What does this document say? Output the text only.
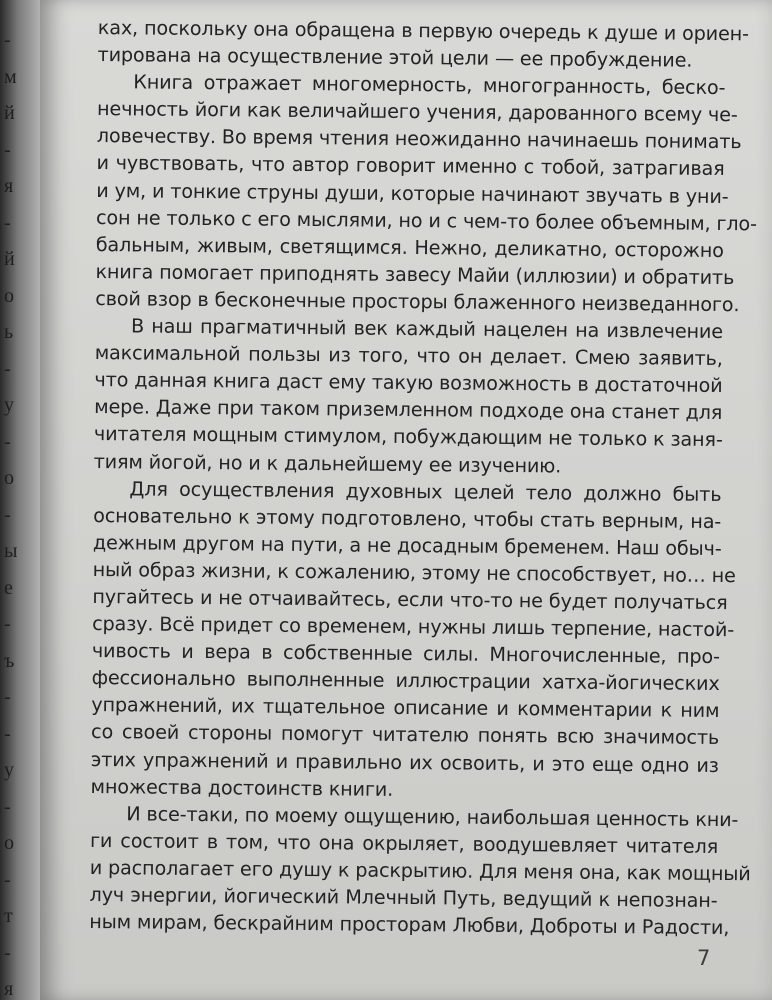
-
м
й
-
я
-
й
о
ь
-
у
-
о
-
ы
е
-
ъ
-
-
у
-
о
-
т
-
я
ках, поскольку она обращена в первую очередь к душе и ориен-
тирована на осуществление этой цели — ее пробуждение.
Книга отражает многомерность, многогранность, беско-
нечность йоги как величайшего учения, дарованного всему че-
ловечеству. Во время чтения неожиданно начинаешь понимать
и чувствовать, что автор говорит именно с тобой, затрагивая
и ум, и тонкие струны души, которые начинают звучать в уни-
сон не только с его мыслями, но и с чем-то более объемным, гло-
бальным, живым, светящимся. Нежно, деликатно, осторожно
книга помогает приподнять завесу Майи (иллюзии) и обратить
свой взор в бесконечные просторы блаженного неизведанного.
В наш прагматичный век каждый нацелен на извлечение
максимальной пользы из того, что он делает. Смею заявить,
что данная книга даст ему такую возможность в достаточной
мере. Даже при таком приземленном подходе она станет для
читателя мощным стимулом, побуждающим не только к заня-
тиям йогой, но и к дальнейшему ее изучению.
Для осуществления духовных целей тело должно быть
основательно к этому подготовлено, чтобы стать верным, на-
дежным другом на пути, а не досадным бременем. Наш обыч-
ный образ жизни, к сожалению, этому не способствует, но… не
пугайтесь и не отчаивайтесь, если что-то не будет получаться
сразу. Всё придет со временем, нужны лишь терпение, настой-
чивость и вера в собственные силы. Многочисленные, про-
фессионально выполненные иллюстрации хатха-йогических
упражнений, их тщательное описание и комментарии к ним
со своей стороны помогут читателю понять всю значимость
этих упражнений и правильно их освоить, и это еще одно из
множества достоинств книги.
И все-таки, по моему ощущению, наибольшая ценность кни-
ги состоит в том, что она окрыляет, воодушевляет читателя
и располагает его душу к раскрытию. Для меня она, как мощный
луч энергии, йогический Млечный Путь, ведущий к непознан-
ным мирам, бескрайним просторам Любви, Доброты и Радости,
7
